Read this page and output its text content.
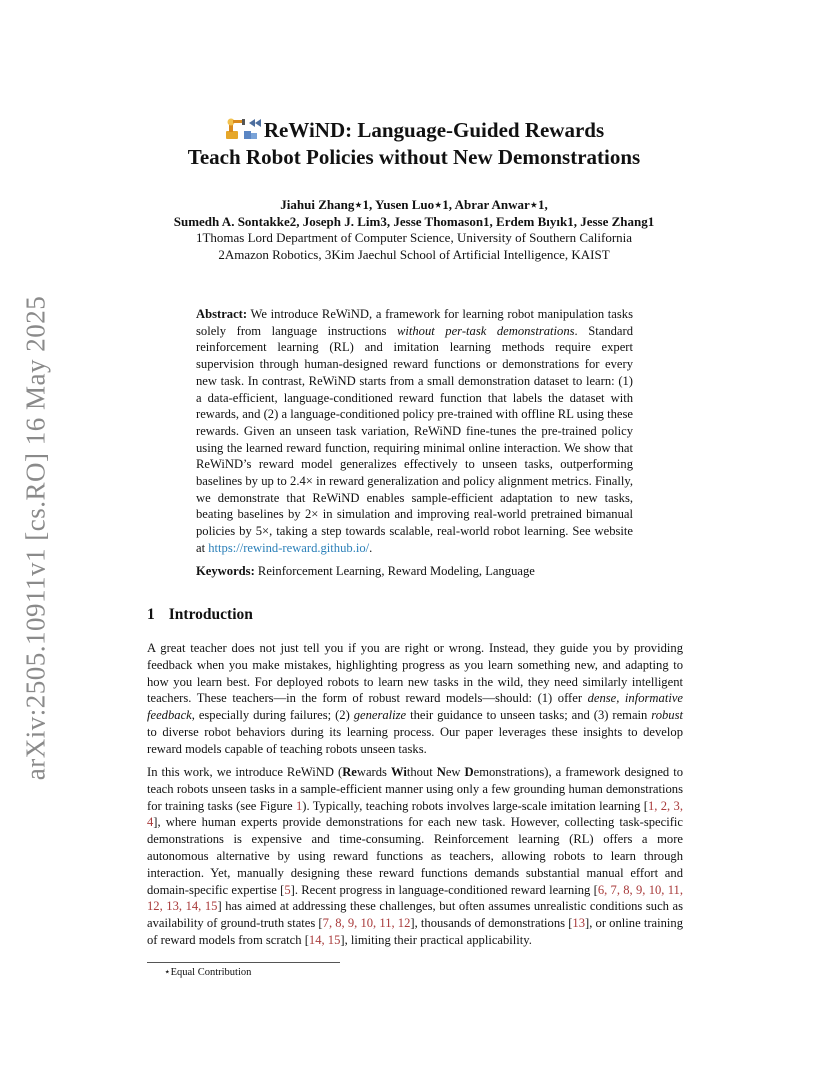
arXiv:2505.10911v1 [cs.RO] 16 May 2025
ReWiND: Language-Guided Rewards
Teach Robot Policies without New Demonstrations
Jiahui Zhang⋆1, Yusen Luo⋆1, Abrar Anwar⋆1,
Sumedh A. Sontakke2, Joseph J. Lim3, Jesse Thomason1, Erdem Bıyık1, Jesse Zhang1
1Thomas Lord Department of Computer Science, University of Southern California
2Amazon Robotics, 3Kim Jaechul School of Artificial Intelligence, KAIST
Abstract: We introduce ReWiND, a framework for learning robot manipulation tasks solely from language instructions without per-task demonstrations. Standard reinforcement learning (RL) and imitation learning methods require expert supervision through human-designed reward functions or demonstrations for every new task. In contrast, ReWiND starts from a small demonstration dataset to learn: (1) a data-efficient, language-conditioned reward function that labels the dataset with rewards, and (2) a language-conditioned policy pre-trained with offline RL using these rewards. Given an unseen task variation, ReWiND fine-tunes the pre-trained policy using the learned reward function, requiring minimal online interaction. We show that ReWiND’s reward model generalizes effectively to unseen tasks, outperforming baselines by up to 2.4× in reward generalization and policy alignment metrics. Finally, we demonstrate that ReWiND enables sample-efficient adaptation to new tasks, beating baselines by 2× in simulation and improving real-world pretrained bimanual policies by 5×, taking a step towards scalable, real-world robot learning. See website at https://rewind-reward.github.io/.
Keywords: Reinforcement Learning, Reward Modeling, Language
1 Introduction

A great teacher does not just tell you if you are right or wrong. Instead, they guide you by providing feedback when you make mistakes, highlighting progress as you learn something new, and adapting to how you learn best. For deployed robots to learn new tasks in the wild, they need similarly intelligent teachers. These teachers—in the form of robust reward models—should: (1) offer dense, informative feedback, especially during failures; (2) generalize their guidance to unseen tasks; and (3) remain robust to diverse robot behaviors during its learning process. Our paper leverages these insights to develop reward models capable of teaching robots unseen tasks.

In this work, we introduce ReWiND (Rewards Without New Demonstrations), a framework designed to teach robots unseen tasks in a sample-efficient manner using only a few grounding human demonstrations for training tasks (see Figure 1). Typically, teaching robots involves large-scale imitation learning [1, 2, 3, 4], where human experts provide demonstrations for each new task. However, collecting task-specific demonstrations is expensive and time-consuming. Reinforcement learning (RL) offers a more autonomous alternative by using reward functions as teachers, allowing robots to learn through interaction. Yet, manually designing these reward functions demands substantial manual effort and domain-specific expertise [5]. Recent progress in language-conditioned reward learning [6, 7, 8, 9, 10, 11, 12, 13, 14, 15] has aimed at addressing these challenges, but often assumes unrealistic conditions such as availability of ground-truth states [7, 8, 9, 10, 11, 12], thousands of demonstrations [13], or online training of reward models from scratch [14, 15], limiting their practical applicability.

⋆Equal Contribution
